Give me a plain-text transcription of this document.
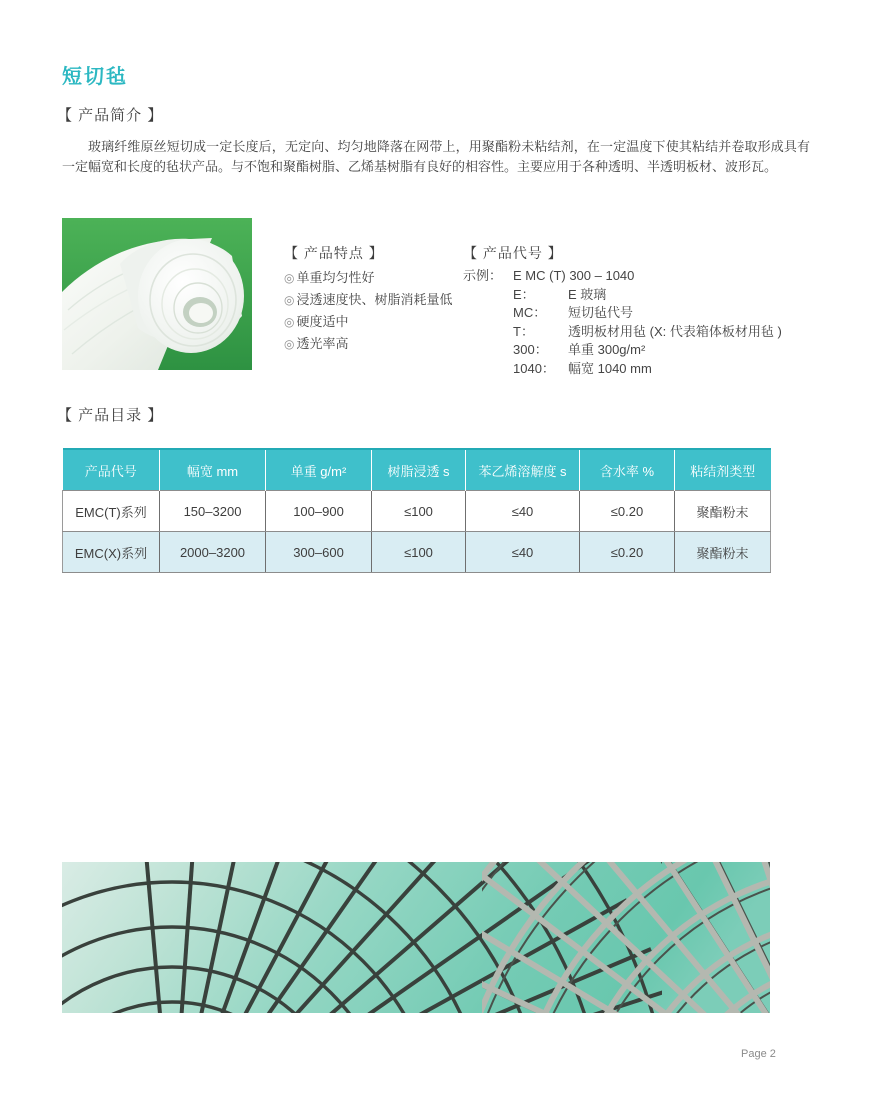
短切毡
【 产品简介 】
玻璃纤维原丝短切成一定长度后，无定向、均匀地降落在网带上，用聚酯粉未粘结剂，在一定温度下使其粘结并卷取形成具有一定幅宽和长度的毡状产品。与不饱和聚酯树脂、乙烯基树脂有良好的相容性。主要应用于各种透明、半透明板材、波形瓦。
【 产品特点 】
◎ 单重均匀性好
◎ 浸透速度快、树脂消耗量低
◎ 硬度适中
◎ 透光率高
【 产品代号 】
示例： E MC (T) 300 – 1040
E：	E 玻璃
MC：	短切毡代号
T：	透明板材用毡 (X: 代表箱体板材用毡 )
300：	单重 300g/m²
1040：	幅宽 1040 mm
【 产品目录 】
产品代号	幅宽 mm	单重 g/m²	树脂浸透 s	苯乙烯溶解度 s	含水率 %	粘结剂类型
EMC(T)系列	150–3200	100–900	≤100	≤40	≤0.20	聚酯粉末
EMC(X)系列	2000–3200	300–600	≤100	≤40	≤0.20	聚酯粉末
Page 2
